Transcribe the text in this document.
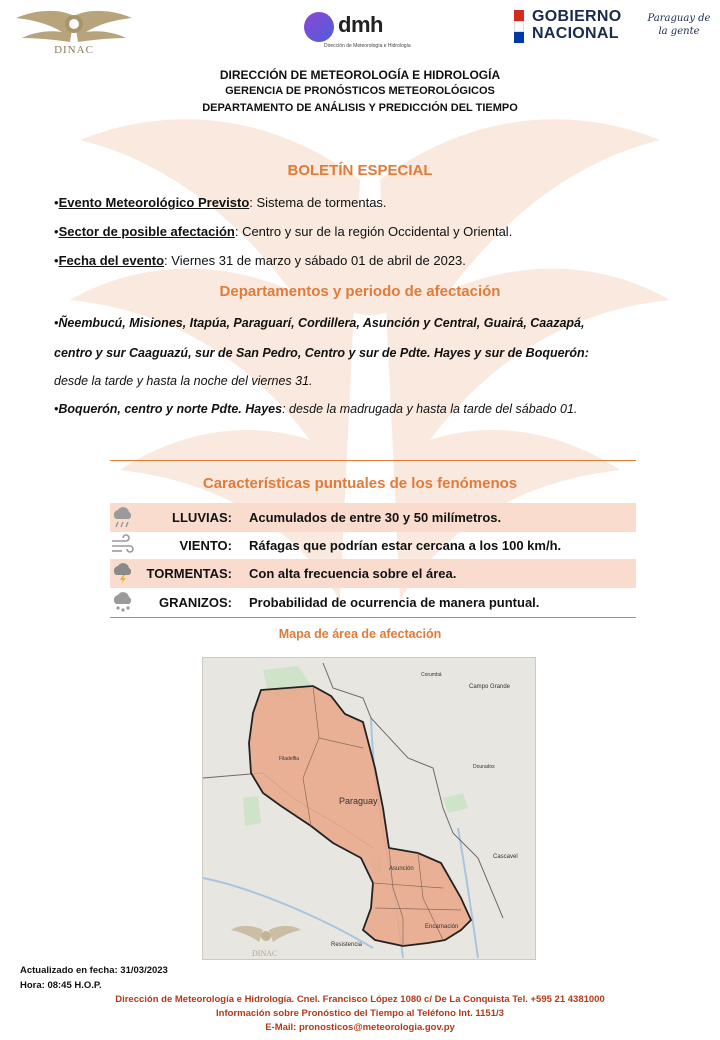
DINAC
dmh
Dirección de Meteorología e Hidrología
GOBIERNO
NACIONAL
Paraguay de la gente
DIRECCIÓN DE METEOROLOGÍA E HIDROLOGÍA
GERENCIA DE PRONÓSTICOS METEOROLÓGICOS
DEPARTAMENTO DE ANÁLISIS Y PREDICCIÓN DEL TIEMPO
BOLETÍN ESPECIAL
•Evento Meteorológico Previsto: Sistema de tormentas.
•Sector de posible afectación: Centro y sur de la región Occidental y Oriental.
•Fecha del evento: Viernes 31 de marzo y sábado 01 de abril de 2023.
Departamentos y periodo de afectación
•Ñeembucú, Misiones, Itapúa, Paraguarí, Cordillera, Asunción y Central, Guairá, Caazapá,
centro y sur Caaguazú, sur de San Pedro, Centro y sur de Pdte. Hayes y sur de Boquerón:
desde la tarde y hasta la noche del viernes 31.
•Boquerón, centro y norte Pdte. Hayes: desde la madrugada y hasta la tarde del sábado 01.
Características puntuales de los fenómenos
LLUVIAS: Acumulados de entre 30 y 50 milímetros.
VIENTO: Ráfagas que podrían estar cercana a los 100 km/h.
TORMENTAS: Con alta frecuencia sobre el área.
GRANIZOS: Probabilidad de ocurrencia de manera puntual.
Mapa de área de afectación
Paraguay
Asunción
Campo Grande
Cascavel
Resistencia
Encarnación
Filadelfia
Corumbá
Dourados
DINAC
Actualizado en fecha: 31/03/2023
Hora: 08:45 H.O.P.
Dirección de Meteorología e Hidrología. Cnel. Francisco López 1080 c/ De La Conquista Tel. +595 21 4381000
Información sobre Pronóstico del Tiempo al Teléfono Int. 1151/3
E-Mail: pronosticos@meteorologia.gov.py
